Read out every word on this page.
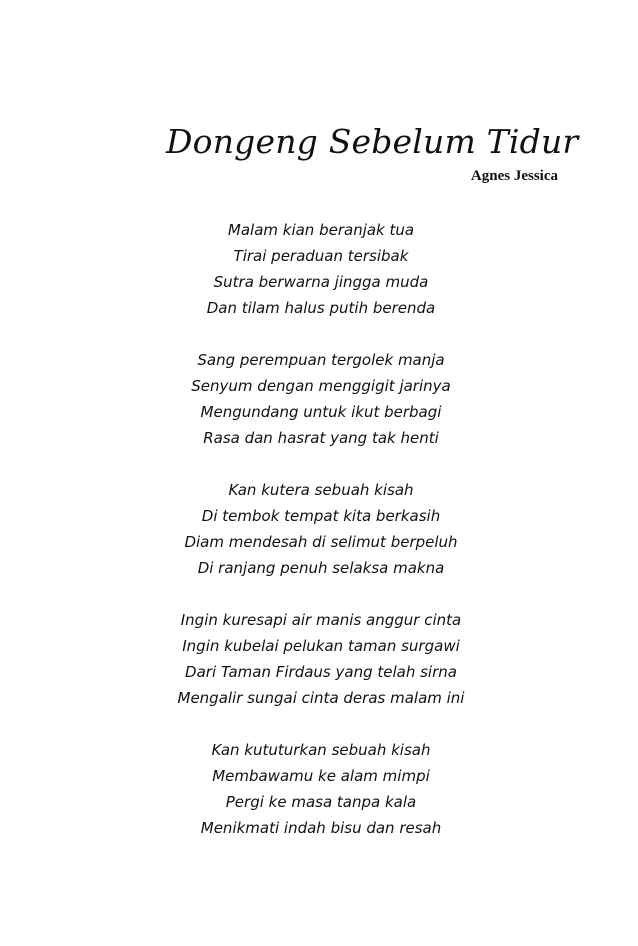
Dongeng Sebelum Tidur
Agnes Jessica
Malam kian beranjak tua
Tirai peraduan tersibak
Sutra berwarna jingga muda
Dan tilam halus putih berenda
Sang perempuan tergolek manja
Senyum dengan menggigit jarinya
Mengundang untuk ikut berbagi
Rasa dan hasrat yang tak henti
Kan kutera sebuah kisah
Di tembok tempat kita berkasih
Diam mendesah di selimut berpeluh
Di ranjang penuh selaksa makna
Ingin kuresapi air manis anggur cinta
Ingin kubelai pelukan taman surgawi
Dari Taman Firdaus yang telah sirna
Mengalir sungai cinta deras malam ini
Kan kututurkan sebuah kisah
Membawamu ke alam mimpi
Pergi ke masa tanpa kala
Menikmati indah bisu dan resah
